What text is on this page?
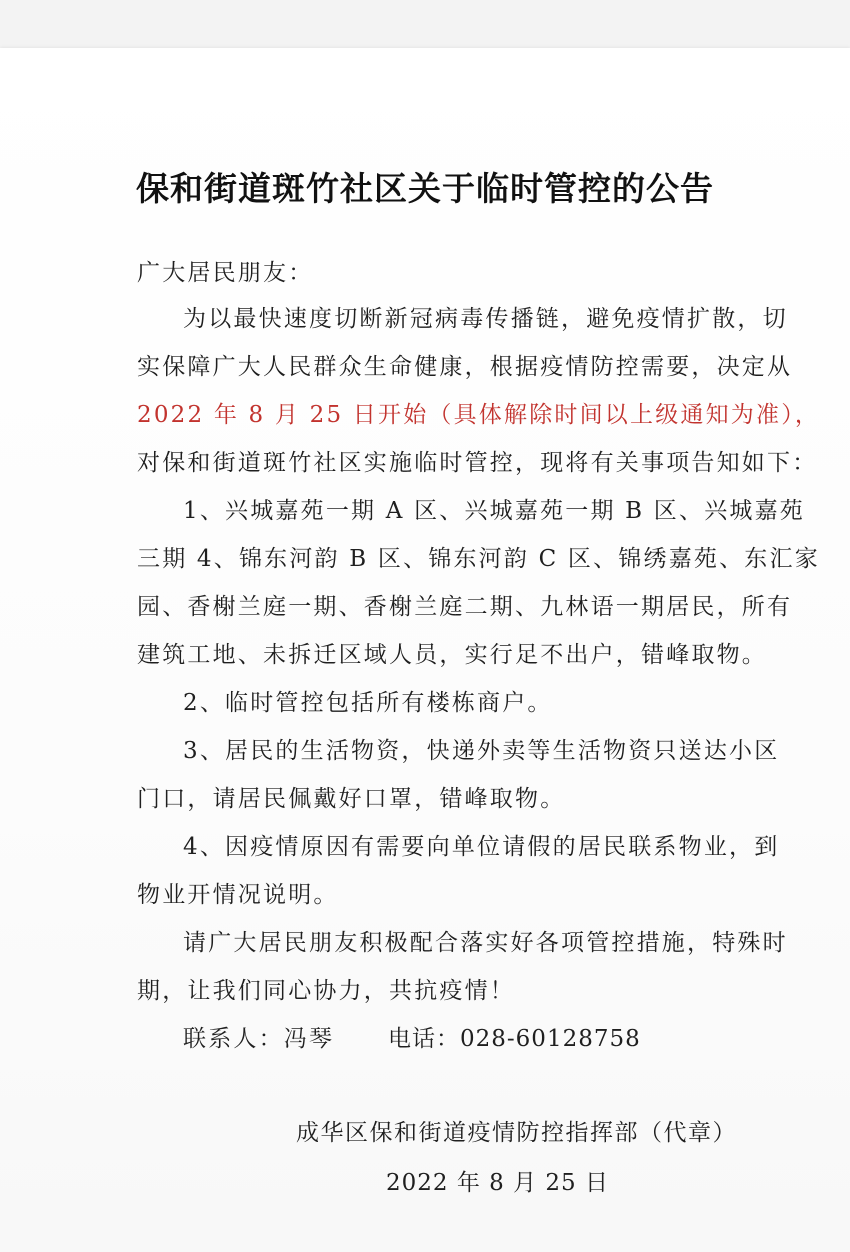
保和街道斑竹社区关于临时管控的公告
广大居民朋友：
为以最快速度切断新冠病毒传播链，避免疫情扩散，切
实保障广大人民群众生命健康，根据疫情防控需要，决定从
2022 年 8 月 25 日开始（具体解除时间以上级通知为准），
对保和街道斑竹社区实施临时管控，现将有关事项告知如下：
1、兴城嘉苑一期 A 区、兴城嘉苑一期 B 区、兴城嘉苑
三期 4、锦东河韵 B 区、锦东河韵 C 区、锦绣嘉苑、东汇家
园、香榭兰庭一期、香榭兰庭二期、九林语一期居民，所有
建筑工地、未拆迁区域人员，实行足不出户，错峰取物。
2、临时管控包括所有楼栋商户。
3、居民的生活物资，快递外卖等生活物资只送达小区
门口，请居民佩戴好口罩，错峰取物。
4、因疫情原因有需要向单位请假的居民联系物业，到
物业开情况说明。
请广大居民朋友积极配合落实好各项管控措施，特殊时
期，让我们同心协力，共抗疫情！
联系人：冯琴 电话：028-60128758
成华区保和街道疫情防控指挥部（代章）
2022 年 8 月 25 日
